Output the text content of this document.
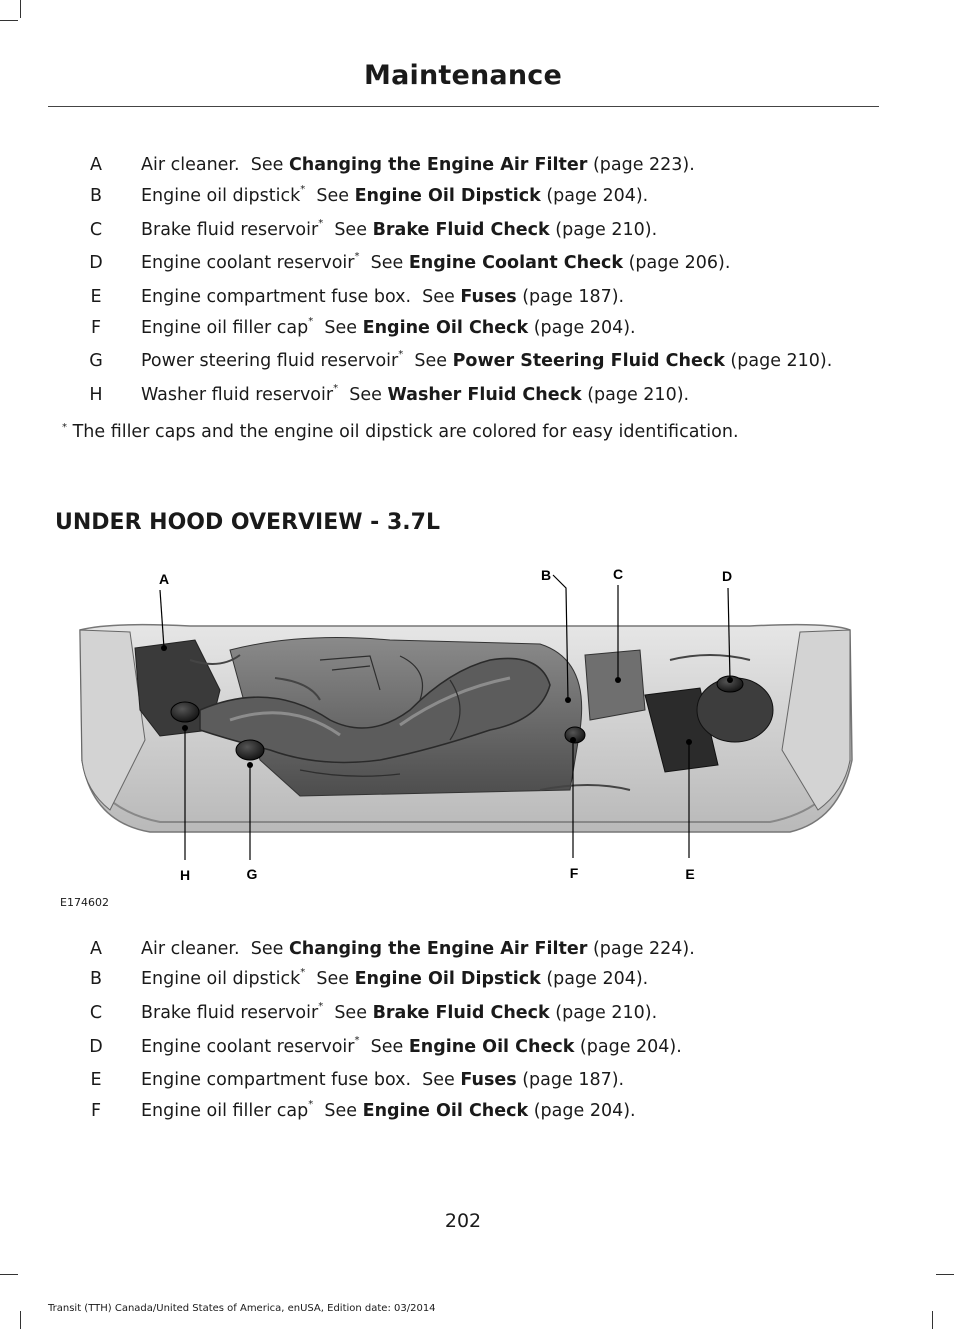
Maintenance
A Air cleaner. See Changing the Engine Air Filter (page 223).
B Engine oil dipstick* See Engine Oil Dipstick (page 204).
C Brake fluid reservoir* See Brake Fluid Check (page 210).
D Engine coolant reservoir* See Engine Coolant Check (page 206).
E Engine compartment fuse box. See Fuses (page 187).
F Engine oil filler cap* See Engine Oil Check (page 204).
G Power steering fluid reservoir* See Power Steering Fluid Check (page 210).
H Washer fluid reservoir* See Washer Fluid Check (page 210).
* The filler caps and the engine oil dipstick are colored for easy identification.
UNDER HOOD OVERVIEW - 3.7L
A	B	C	D
E
F
G
H
E174602
A Air cleaner. See Changing the Engine Air Filter (page 224).
B Engine oil dipstick* See Engine Oil Dipstick (page 204).
C Brake fluid reservoir* See Brake Fluid Check (page 210).
D Engine coolant reservoir* See Engine Oil Check (page 204).
E Engine compartment fuse box. See Fuses (page 187).
F Engine oil filler cap* See Engine Oil Check (page 204).
202
Transit (TTH) Canada/United States of America, enUSA, Edition date: 03/2014
